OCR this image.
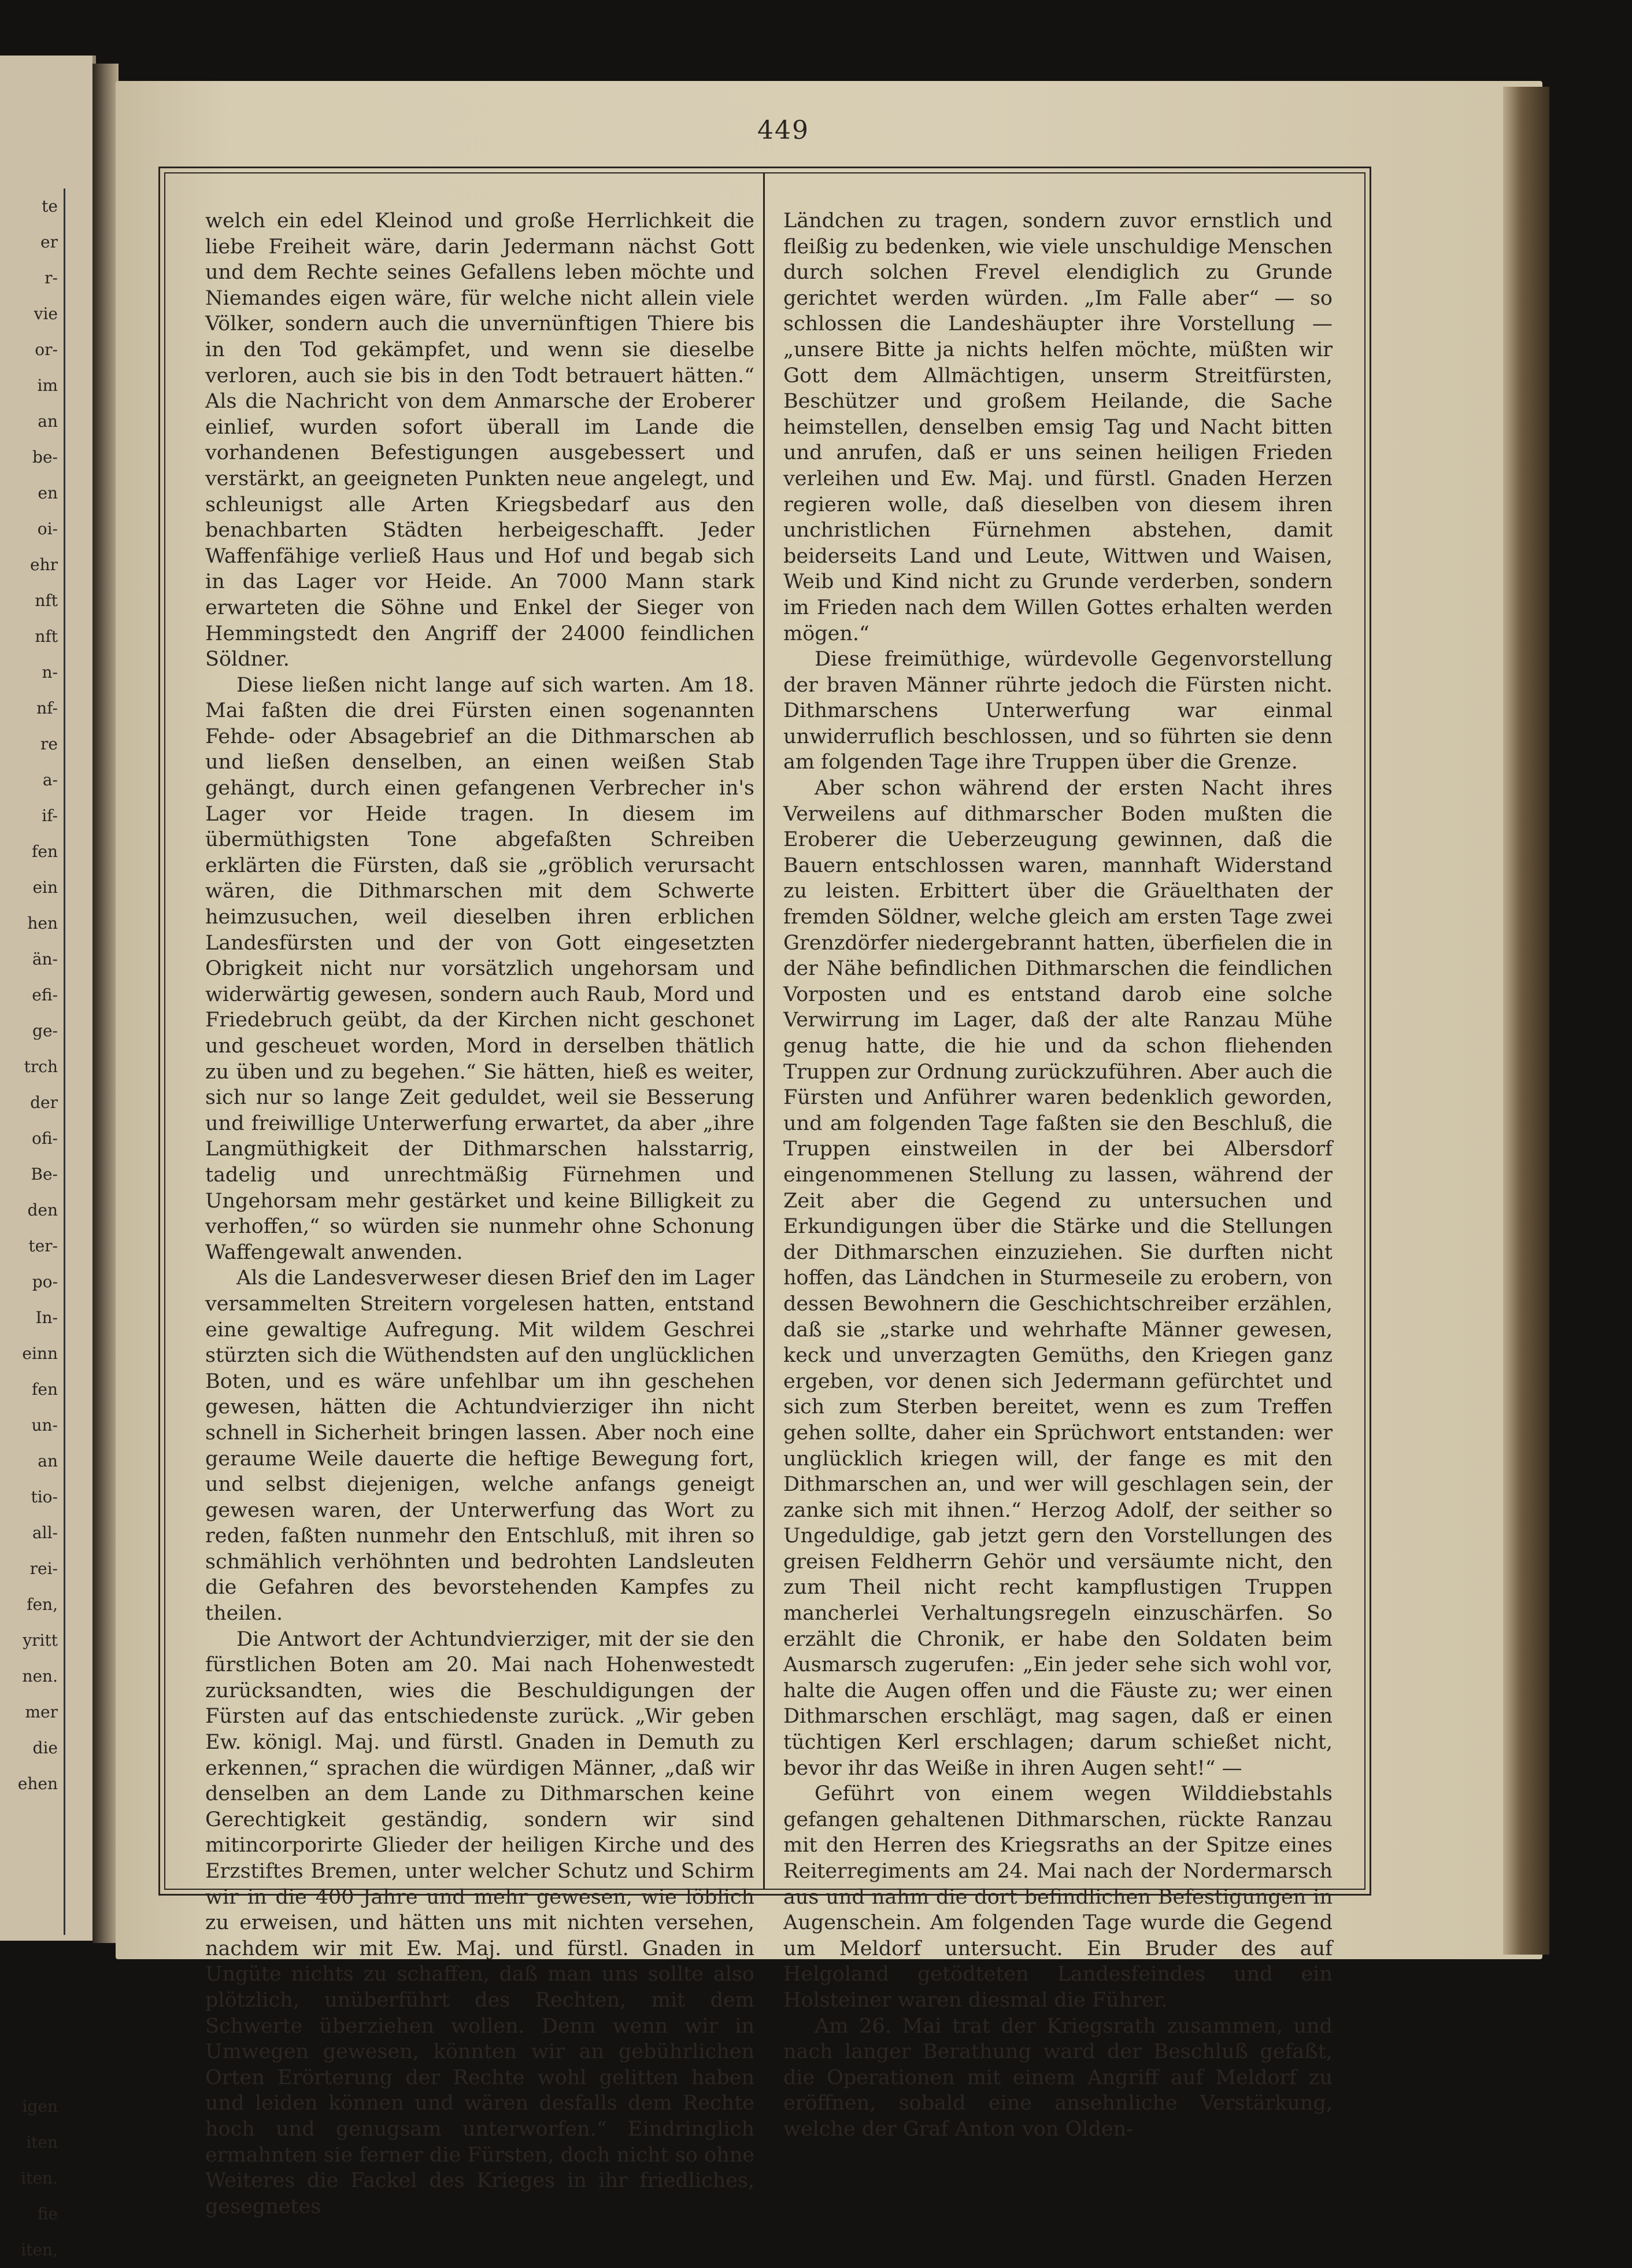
te
er
r-
vie
or-
im
an
be-
en
oi-
ehr
nft
nft
n-
nf-
re
a-
if-
fen
ein
hen
än-
efi-
ge-
trch
der
ofi-
Be-
den
ter-
po-
In-
einn
fen
un-
an
tio-
all-
rei-
fen,
yritt
nen.
mer
die
ehen

igen
iten
iten.
fie
iten,
449

welch ein edel Kleinod und große Herrlichkeit die liebe Freiheit wäre, darin Jedermann nächst Gott und dem Rechte seines Gefallens leben möchte und Niemandes eigen wäre, für welche nicht allein viele Völker, sondern auch die unvernünftigen Thiere bis in den Tod gekämpfet, und wenn sie dieselbe verloren, auch sie bis in den Todt betrauert hätten.“ Als die Nachricht von dem Anmarsche der Eroberer einlief, wurden sofort überall im Lande die vorhandenen Befestigungen ausgebessert und verstärkt, an geeigneten Punkten neue angelegt, und schleunigst alle Arten Kriegsbedarf aus den benachbarten Städten herbeigeschafft. Jeder Waffenfähige verließ Haus und Hof und begab sich in das Lager vor Heide. An 7000 Mann stark erwarteten die Söhne und Enkel der Sieger von Hemmingstedt den Angriff der 24000 feindlichen Söldner.

Diese ließen nicht lange auf sich warten. Am 18. Mai faßten die drei Fürsten einen sogenannten Fehde- oder Absagebrief an die Dithmarschen ab und ließen denselben, an einen weißen Stab gehängt, durch einen gefangenen Verbrecher in's Lager vor Heide tragen. In diesem im übermüthigsten Tone abgefaßten Schreiben erklärten die Fürsten, daß sie „gröblich verursacht wären, die Dithmarschen mit dem Schwerte heimzusuchen, weil dieselben ihren erblichen Landesfürsten und der von Gott eingesetzten Obrigkeit nicht nur vorsätzlich ungehorsam und widerwärtig gewesen, sondern auch Raub, Mord und Friedebruch geübt, da der Kirchen nicht geschonet und gescheuet worden, Mord in derselben thätlich zu üben und zu begehen.“ Sie hätten, hieß es weiter, sich nur so lange Zeit geduldet, weil sie Besserung und freiwillige Unterwerfung erwartet, da aber „ihre Langmüthigkeit der Dithmarschen halsstarrig, tadelig und unrechtmäßig Fürnehmen und Ungehorsam mehr gestärket und keine Billigkeit zu verhoffen,“ so würden sie nunmehr ohne Schonung Waffengewalt anwenden.

Als die Landesverweser diesen Brief den im Lager versammelten Streitern vorgelesen hatten, entstand eine gewaltige Aufregung. Mit wildem Geschrei stürzten sich die Wüthendsten auf den unglücklichen Boten, und es wäre unfehlbar um ihn geschehen gewesen, hätten die Achtundvierziger ihn nicht schnell in Sicherheit bringen lassen. Aber noch eine geraume Weile dauerte die heftige Bewegung fort, und selbst diejenigen, welche anfangs geneigt gewesen waren, der Unterwerfung das Wort zu reden, faßten nunmehr den Entschluß, mit ihren so schmählich verhöhnten und bedrohten Landsleuten die Gefahren des bevorstehenden Kampfes zu theilen.

Die Antwort der Achtundvierziger, mit der sie den fürstlichen Boten am 20. Mai nach Hohenwestedt zurücksandten, wies die Beschuldigungen der Fürsten auf das entschiedenste zurück. „Wir geben Ew. königl. Maj. und fürstl. Gnaden in Demuth zu erkennen,“ sprachen die würdigen Männer, „daß wir denselben an dem Lande zu Dithmarschen keine Gerechtigkeit geständig, sondern wir sind mitincorporirte Glieder der heiligen Kirche und des Erzstiftes Bremen, unter welcher Schutz und Schirm wir in die 400 Jahre und mehr gewesen, wie löblich zu erweisen, und hätten uns mit nichten versehen, nachdem wir mit Ew. Maj. und fürstl. Gnaden in Ungüte nichts zu schaffen, daß man uns sollte also plötzlich, unüberführt des Rechten, mit dem Schwerte überziehen wollen. Denn wenn wir in Umwegen gewesen, könnten wir an gebührlichen Orten Erörterung der Rechte wohl gelitten haben und leiden können und wären desfalls dem Rechte hoch und genugsam unterworfen.“ Eindringlich ermahnten sie ferner die Fürsten, doch nicht so ohne Weiteres die Fackel des Krieges in ihr friedliches, gesegnetes

Ländchen zu tragen, sondern zuvor ernstlich und fleißig zu bedenken, wie viele unschuldige Menschen durch solchen Frevel elendiglich zu Grunde gerichtet werden würden. „Im Falle aber“ — so schlossen die Landeshäupter ihre Vorstellung — „unsere Bitte ja nichts helfen möchte, müßten wir Gott dem Allmächtigen, unserm Streitfürsten, Beschützer und großem Heilande, die Sache heimstellen, denselben emsig Tag und Nacht bitten und anrufen, daß er uns seinen heiligen Frieden verleihen und Ew. Maj. und fürstl. Gnaden Herzen regieren wolle, daß dieselben von diesem ihren unchristlichen Fürnehmen abstehen, damit beiderseits Land und Leute, Wittwen und Waisen, Weib und Kind nicht zu Grunde verderben, sondern im Frieden nach dem Willen Gottes erhalten werden mögen.“

Diese freimüthige, würdevolle Gegenvorstellung der braven Männer rührte jedoch die Fürsten nicht. Dithmarschens Unterwerfung war einmal unwiderruflich beschlossen, und so führten sie denn am folgenden Tage ihre Truppen über die Grenze.

Aber schon während der ersten Nacht ihres Verweilens auf dithmarscher Boden mußten die Eroberer die Ueberzeugung gewinnen, daß die Bauern entschlossen waren, mannhaft Widerstand zu leisten. Erbittert über die Gräuelthaten der fremden Söldner, welche gleich am ersten Tage zwei Grenzdörfer niedergebrannt hatten, überfielen die in der Nähe befindlichen Dithmarschen die feindlichen Vorposten und es entstand darob eine solche Verwirrung im Lager, daß der alte Ranzau Mühe genug hatte, die hie und da schon fliehenden Truppen zur Ordnung zurückzuführen. Aber auch die Fürsten und Anführer waren bedenklich geworden, und am folgenden Tage faßten sie den Beschluß, die Truppen einstweilen in der bei Albersdorf eingenommenen Stellung zu lassen, während der Zeit aber die Gegend zu untersuchen und Erkundigungen über die Stärke und die Stellungen der Dithmarschen einzuziehen. Sie durften nicht hoffen, das Ländchen in Sturmeseile zu erobern, von dessen Bewohnern die Geschichtschreiber erzählen, daß sie „starke und wehrhafte Männer gewesen, keck und unverzagten Gemüths, den Kriegen ganz ergeben, vor denen sich Jedermann gefürchtet und sich zum Sterben bereitet, wenn es zum Treffen gehen sollte, daher ein Sprüchwort entstanden: wer unglücklich kriegen will, der fange es mit den Dithmarschen an, und wer will geschlagen sein, der zanke sich mit ihnen.“ Herzog Adolf, der seither so Ungeduldige, gab jetzt gern den Vorstellungen des greisen Feldherrn Gehör und versäumte nicht, den zum Theil nicht recht kampflustigen Truppen mancherlei Verhaltungsregeln einzuschärfen. So erzählt die Chronik, er habe den Soldaten beim Ausmarsch zugerufen: „Ein jeder sehe sich wohl vor, halte die Augen offen und die Fäuste zu; wer einen Dithmarschen erschlägt, mag sagen, daß er einen tüchtigen Kerl erschlagen; darum schießet nicht, bevor ihr das Weiße in ihren Augen seht!“ —

Geführt von einem wegen Wilddiebstahls gefangen gehaltenen Dithmarschen, rückte Ranzau mit den Herren des Kriegsraths an der Spitze eines Reiterregiments am 24. Mai nach der Nordermarsch aus und nahm die dort befindlichen Befestigungen in Augenschein. Am folgenden Tage wurde die Gegend um Meldorf untersucht. Ein Bruder des auf Helgoland getödteten Landesfeindes und ein Holsteiner waren diesmal die Führer.

Am 26. Mai trat der Kriegsrath zusammen, und nach langer Berathung ward der Beschluß gefaßt, die Operationen mit einem Angriff auf Meldorf zu eröffnen, sobald eine ansehnliche Verstärkung, welche der Graf Anton von Olden-
